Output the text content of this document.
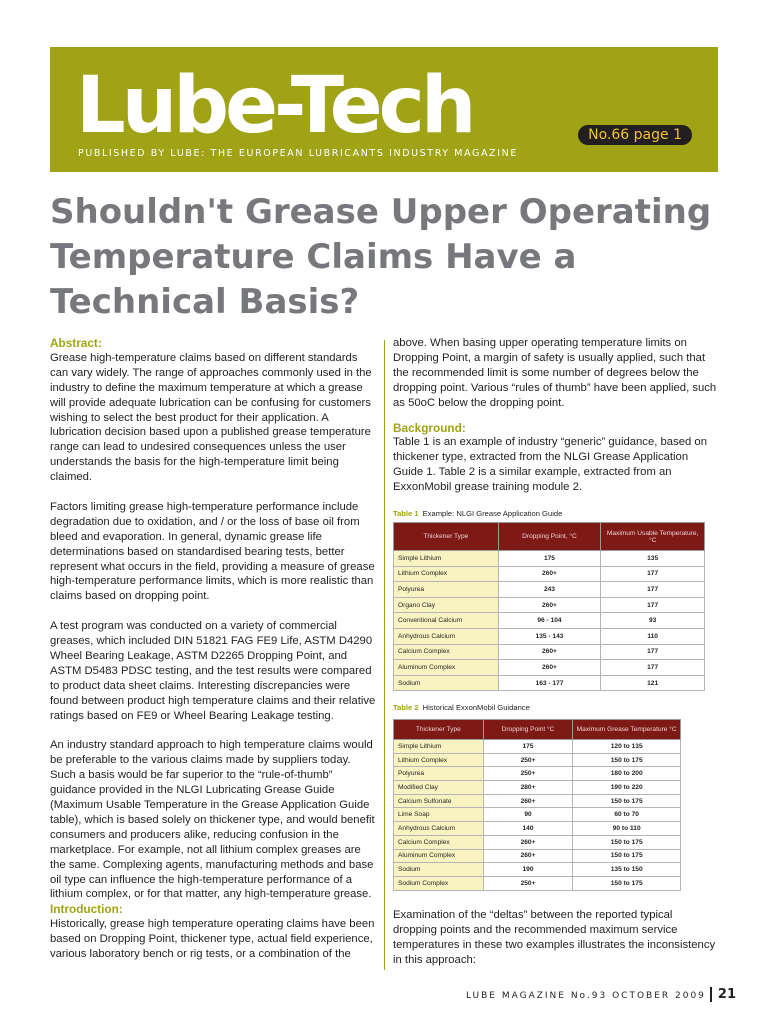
Lube-Tech
PUBLISHED BY LUBE: THE EUROPEAN LUBRICANTS INDUSTRY MAGAZINE
No.66 page 1
Shouldn't Grease Upper Operating Temperature Claims Have a Technical Basis?
Abstract:

Grease high-temperature claims based on different standards can vary widely. The range of approaches commonly used in the industry to define the maximum temperature at which a grease will provide adequate lubrication can be confusing for customers wishing to select the best product for their application. A lubrication decision based upon a published grease temperature range can lead to undesired consequences unless the user understands the basis for the high-temperature limit being claimed.

Factors limiting grease high-temperature performance include degradation due to oxidation, and / or the loss of base oil from bleed and evaporation. In general, dynamic grease life determinations based on standardised bearing tests, better represent what occurs in the field, providing a measure of grease high-temperature performance limits, which is more realistic than claims based on dropping point.

A test program was conducted on a variety of commercial greases, which included DIN 51821 FAG FE9 Life, ASTM D4290 Wheel Bearing Leakage, ASTM D2265 Dropping Point, and ASTM D5483 PDSC testing, and the test results were compared to product data sheet claims. Interesting discrepancies were found between product high temperature claims and their relative ratings based on FE9 or Wheel Bearing Leakage testing.

An industry standard approach to high temperature claims would be preferable to the various claims made by suppliers today. Such a basis would be far superior to the “rule-of-thumb” guidance provided in the NLGI Lubricating Grease Guide (Maximum Usable Temperature in the Grease Application Guide table), which is based solely on thickener type, and would benefit consumers and producers alike, reducing confusion in the marketplace. For example, not all lithium complex greases are the same. Complexing agents, manufacturing methods and base oil type can influence the high-temperature performance of a lithium complex, or for that matter, any high-temperature grease.

Introduction:

Historically, grease high temperature operating claims have been based on Dropping Point, thickener type, actual field experience, various laboratory bench or rig tests, or a combination of the

above. When basing upper operating temperature limits on Dropping Point, a margin of safety is usually applied, such that the recommended limit is some number of degrees below the dropping point. Various “rules of thumb” have been applied, such as 50oC below the dropping point.

Background:

Table 1 is an example of industry “generic” guidance, based on thickener type, extracted from the NLGI Grease Application Guide 1. Table 2 is a similar example, extracted from an ExxonMobil grease training module 2.

Table 1 Example: NLGI Grease Application Guide
Thickener Type	Dropping Point, °C	Maximum Usable Temperature, °C
Simple Lithium	175	135
Lithium Complex	260+	177
Polyurea	243	177
Organo Clay	260+	177
Conventional Calcium	96 - 104	93
Anhydrous Calcium	135 - 143	110
Calcium Complex	260+	177
Aluminum Complex	260+	177
Sodium	163 - 177	121
Table 2 Historical ExxonMobil Guidance
Thickener Type	Dropping Point °C	Maximum Grease Temperature °C
Simple Lithium	175	120 to 135
Lithium Complex	250+	150 to 175
Polyurea	250+	180 to 200
Modified Clay	280+	190 to 220
Calcium Sulfonate	260+	150 to 175
Lime Soap	90	60 to 70
Anhydrous Calcium	140	90 to 110
Calcium Complex	260+	150 to 175
Aluminum Complex	260+	150 to 175
Sodium	190	135 to 150
Sodium Complex	250+	150 to 175

Examination of the “deltas” between the reported typical dropping points and the recommended maximum service temperatures in these two examples illustrates the inconsistency in this approach:

LUBE MAGAZINE No.93 OCTOBER 2009 21
